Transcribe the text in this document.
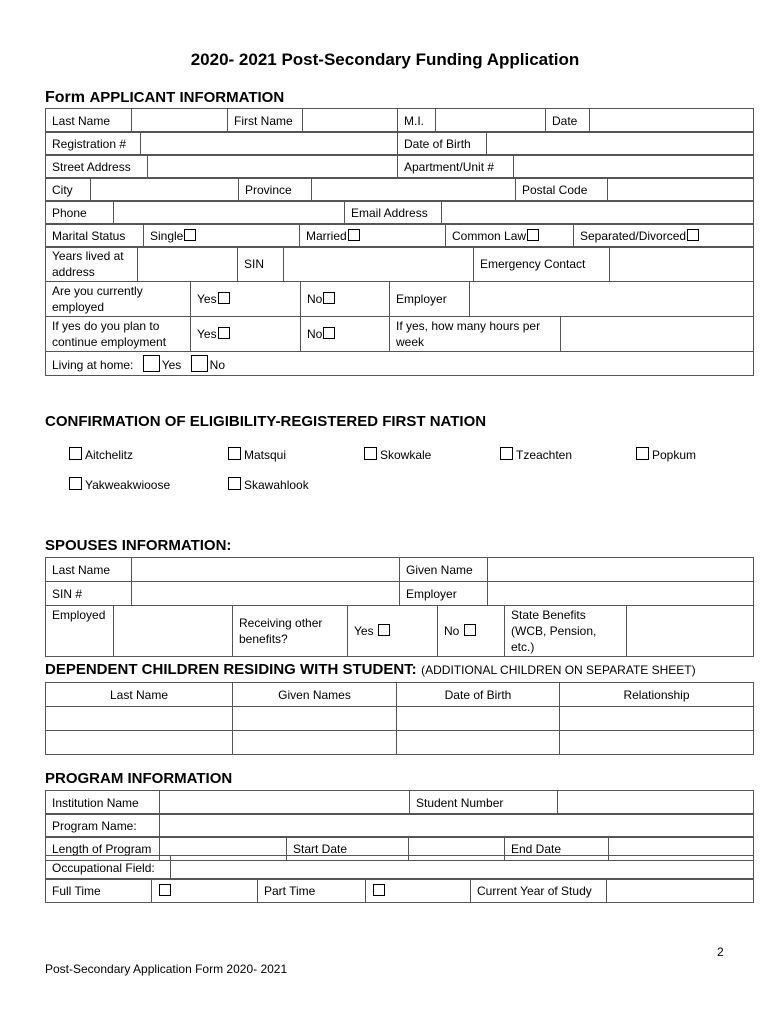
2020- 2021 Post-Secondary Funding Application
Form APPLICANT INFORMATION
Last Name		First Name		M.I.		Date	
Registration #		Date of Birth	
Street Address		Apartment/Unit #	
City		Province		Postal Code	
Phone		Email Address	
Marital Status	Single	Married	Common Law	Separated/Divorced
Years lived at address		SIN		Emergency Contact	
Are you currently employed	Yes	No	Employer	
If yes do you plan to continue employment	Yes	No	If yes, how many hours per week	
Living at home: Yes No
CONFIRMATION OF ELIGIBILITY-REGISTERED FIRST NATION
Aitchelitz	Matsqui	Skowkale	Tzeachten	Popkum
Yakweakwioose	Skawahlook
SPOUSES INFORMATION:
Last Name		Given Name	
SIN #		Employer	
Employed		Receiving other benefits?	Yes	No	State Benefits (WCB, Pension, etc.)	
DEPENDENT CHILDREN RESIDING WITH STUDENT: (ADDITIONAL CHILDREN ON SEPARATE SHEET)
Last Name	Given Names	Date of Birth	Relationship

PROGRAM INFORMATION
Institution Name		Student Number	
Program Name:	
Length of Program		Start Date		End Date	
Occupational Field:	
Full Time		Part Time		Current Year of Study	
2
Post-Secondary Application Form 2020- 2021
